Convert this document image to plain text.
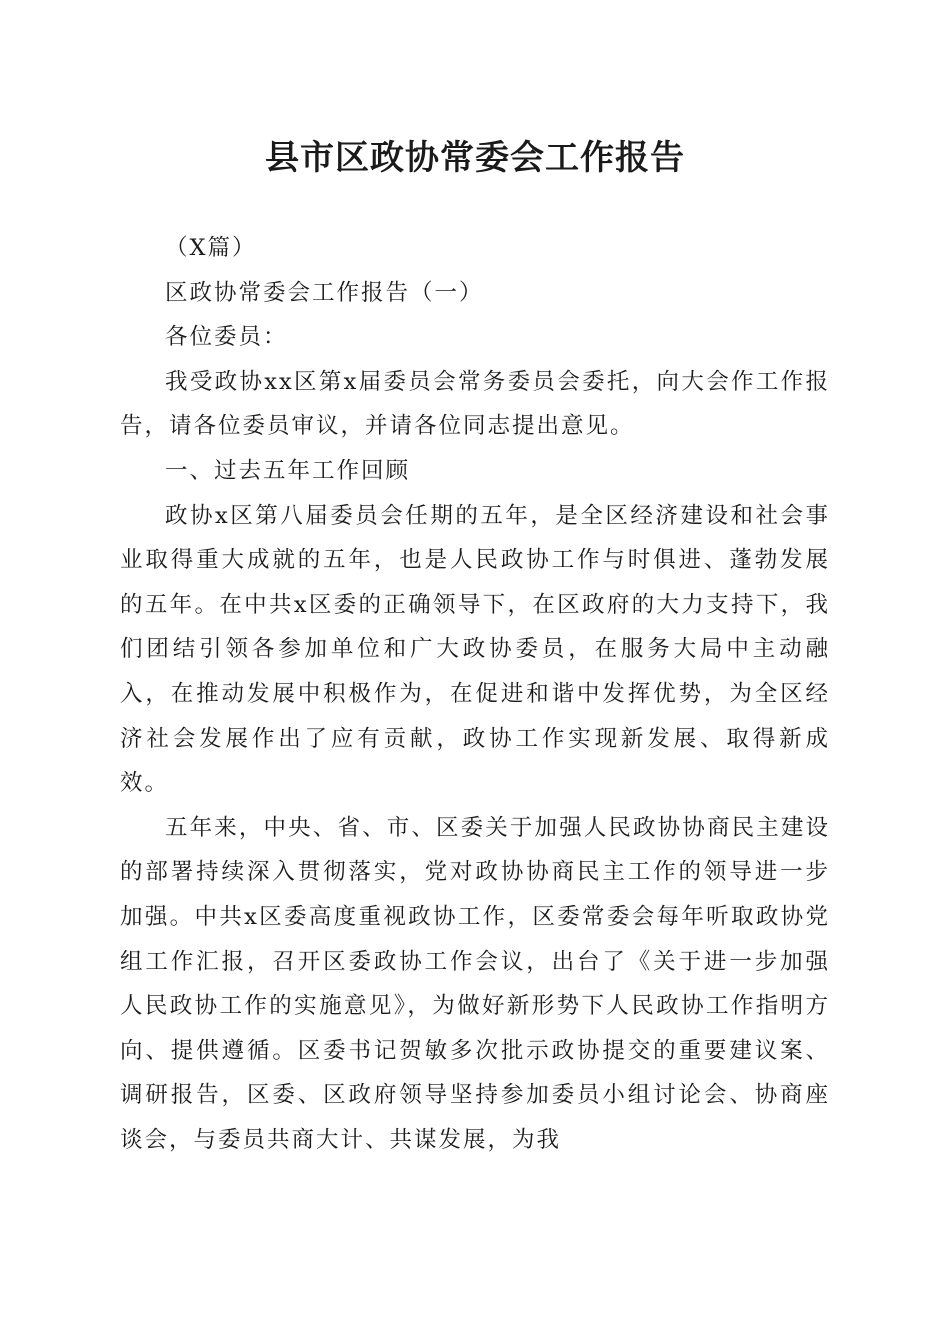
县市区政协常委会工作报告

（X篇）

区政协常委会工作报告（一）

各位委员：

我受政协xx区第x届委员会常务委员会委托，向大会作工作报告，请各位委员审议，并请各位同志提出意见。

一、过去五年工作回顾

政协x区第八届委员会任期的五年，是全区经济建设和社会事业取得重大成就的五年，也是人民政协工作与时俱进、蓬勃发展的五年。在中共x区委的正确领导下，在区政府的大力支持下，我们团结引领各参加单位和广大政协委员，在服务大局中主动融入，在推动发展中积极作为，在促进和谐中发挥优势，为全区经济社会发展作出了应有贡献，政协工作实现新发展、取得新成效。

五年来，中央、省、市、区委关于加强人民政协协商民主建设的部署持续深入贯彻落实，党对政协协商民主工作的领导进一步加强。中共x区委高度重视政协工作，区委常委会每年听取政协党组工作汇报，召开区委政协工作会议，出台了《关于进一步加强人民政协工作的实施意见》，为做好新形势下人民政协工作指明方向、提供遵循。区委书记贺敏多次批示政协提交的重要建议案、调研报告，区委、区政府领导坚持参加委员小组讨论会、协商座谈会，与委员共商大计、共谋发展，为我
